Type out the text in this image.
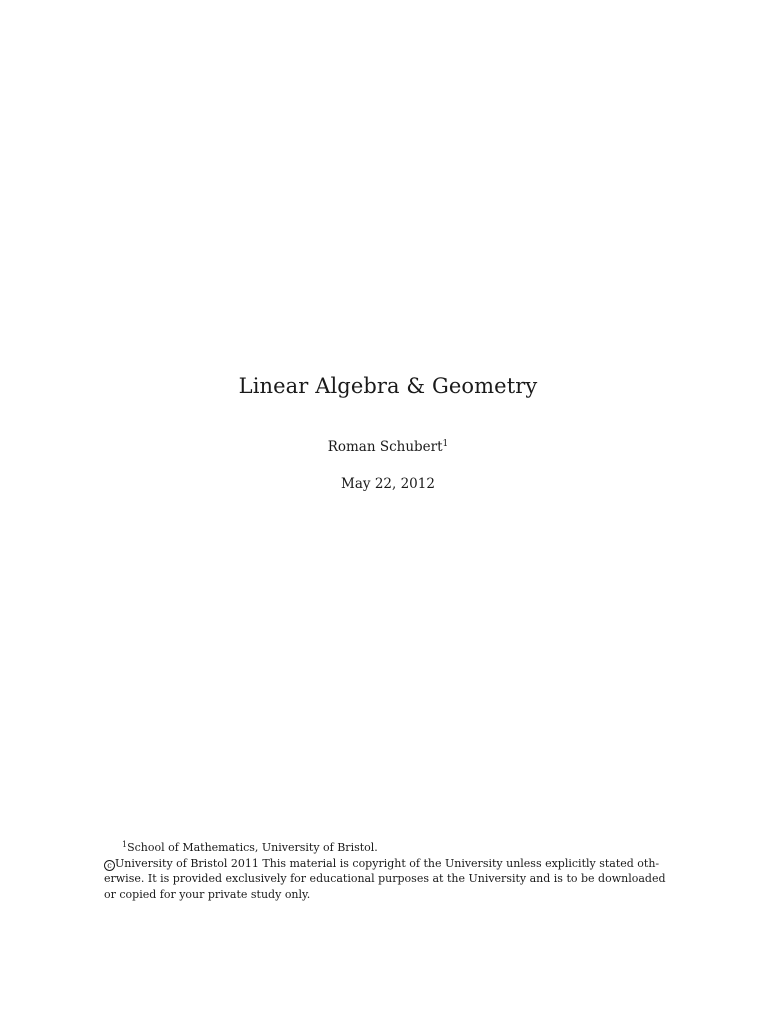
Linear Algebra & Geometry
Roman Schubert$^1$
May 22, 2012
$^1$School of Mathematics, University of Bristol.
c University of Bristol 2011 This material is copyright of the University unless explicitly stated oth-
erwise. It is provided exclusively for educational purposes at the University and is to be downloaded
or copied for your private study only.
